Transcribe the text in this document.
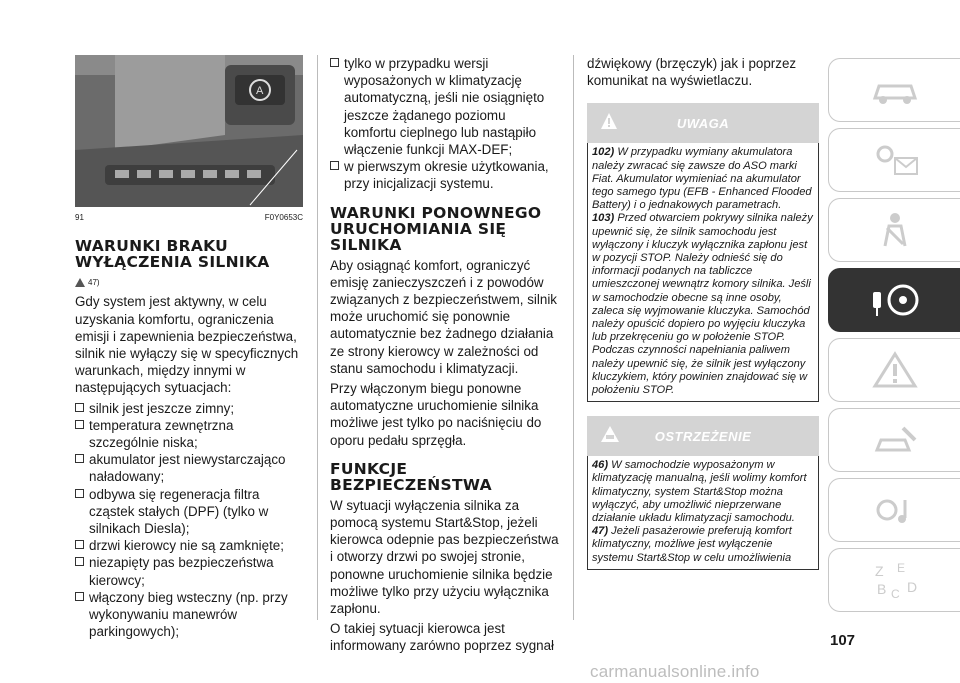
A
91	F0Y0653C
WARUNKI BRAKU WYŁĄCZENIA SILNIKA
47)

Gdy system jest aktywny, w celu uzyskania komfortu, ograniczenia emisji i zapewnienia bezpieczeństwa, silnik nie wyłączy się w specyficznych warunkach, między innymi w następujących sytuacjach:

silnik jest jeszcze zimny;
temperatura zewnętrzna szczególnie niska;
akumulator jest niewystarczająco naładowany;
odbywa się regeneracja filtra cząstek stałych (DPF) (tylko w silnikach Diesla);
drzwi kierowcy nie są zamknięte;
niezapięty pas bezpieczeństwa kierowcy;
włączony bieg wsteczny (np. przy wykonywaniu manewrów parkingowych);
tylko w przypadku wersji wyposażonych w klimatyzację automatyczną, jeśli nie osiągnięto jeszcze żądanego poziomu komfortu cieplnego lub nastąpiło włączenie funkcji MAX-DEF;
w pierwszym okresie użytkowania, przy inicjalizacji systemu.
WARUNKI PONOWNEGO URUCHOMIANIA SIĘ SILNIKA

Aby osiągnąć komfort, ograniczyć emisję zanieczyszczeń i z powodów związanych z bezpieczeństwem, silnik może uruchomić się ponownie automatycznie bez żadnego działania ze strony kierowcy w zależności od stanu samochodu i klimatyzacji.

Przy włączonym biegu ponowne automatyczne uruchomienie silnika możliwe jest tylko po naciśnięciu do oporu pedału sprzęgła.

FUNKCJE BEZPIECZEŃSTWA

W sytuacji wyłączenia silnika za pomocą systemu Start&Stop, jeżeli kierowca odepnie pas bezpieczeństwa i otworzy drzwi po swojej stronie, ponowne uruchomienie silnika będzie możliwe tylko przy użyciu wyłącznika zapłonu.

O takiej sytuacji kierowca jest informowany zarówno poprzez sygnał

dźwiękowy (brzęczyk) jak i poprzez komunikat na wyświetlaczu.

UWAGA

102) W przypadku wymiany akumulatora należy zwracać się zawsze do ASO marki Fiat. Akumulator wymieniać na akumulator tego samego typu (EFB - Enhanced Flooded Battery) i o jednakowych parametrach.

103) Przed otwarciem pokrywy silnika należy upewnić się, że silnik samochodu jest wyłączony i kluczyk wyłącznika zapłonu jest w pozycji STOP. Należy odnieść się do informacji podanych na tabliczce umieszczonej wewnątrz komory silnika. Jeśli w samochodzie obecne są inne osoby, zaleca się wyjmowanie kluczyka. Samochód należy opuścić dopiero po wyjęciu kluczyka lub przekręceniu go w położenie STOP. Podczas czynności napełniania paliwem należy upewnić się, że silnik jest wyłączony kluczykiem, który powinien znajdować się w położeniu STOP.

OSTRZEŻENIE

46) W samochodzie wyposażonym w klimatyzację manualną, jeśli wolimy komfort klimatyczny, system Start&Stop można wyłączyć, aby umożliwić nieprzerwane działanie układu klimatyzacji samochodu.

47) Jeżeli pasażerowie preferują komfort klimatyczny, możliwe jest wyłączenie systemu Start&Stop w celu umożliwienia

Z E
B C D
107
carmanualsonline.info
